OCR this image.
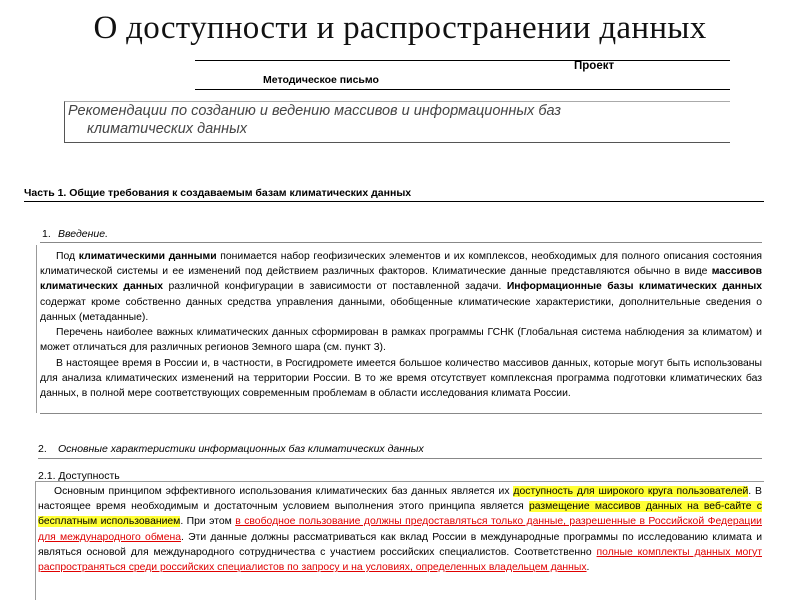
О доступности и распространении данных
Проект
Методическое письмо
Рекомендации по созданию и ведению массивов и информационных баз
климатических данных
Часть 1. Общие требования к создаваемым базам климатических данных
1. Введение.
Под климатическими данными понимается набор геофизических элементов и их комплексов, необходимых для полного описания состояния климатической системы и ее изменений под действием различных факторов. Климатические данные представляются обычно в виде массивов климатических данных различной конфигурации в зависимости от поставленной задачи. Информационные базы климатических данных содержат кроме собственно данных средства управления данными, обобщенные климатические характеристики, дополнительные сведения о данных (метаданные).
Перечень наиболее важных климатических данных сформирован в рамках программы ГСНК (Глобальная система наблюдения за климатом) и может отличаться для различных регионов Земного шара (см. пункт 3).
В настоящее время в России и, в частности, в Росгидромете имеется большое количество массивов данных, которые могут быть использованы для анализа климатических изменений на территории России. В то же время отсутствует комплексная программа подготовки климатических баз данных, в полной мере соответствующих современным проблемам в области исследования климата России.
2. Основные характеристики информационных баз климатических данных
2.1. Доступность
Основным принципом эффективного использования климатических баз данных является их доступность для широкого круга пользователей. В настоящее время необходимым и достаточным условием выполнения этого принципа является размещение массивов данных на веб-сайте с бесплатным использованием. При этом в свободное пользование должны предоставляться только данные, разрешенные в Российской Федерации для международного обмена. Эти данные должны рассматриваться как вклад России в международные программы по исследованию климата и являться основой для международного сотрудничества с участием российских специалистов. Соответственно полные комплекты данных могут распространяться среди российских специалистов по запросу и на условиях, определенных владельцем данных.
